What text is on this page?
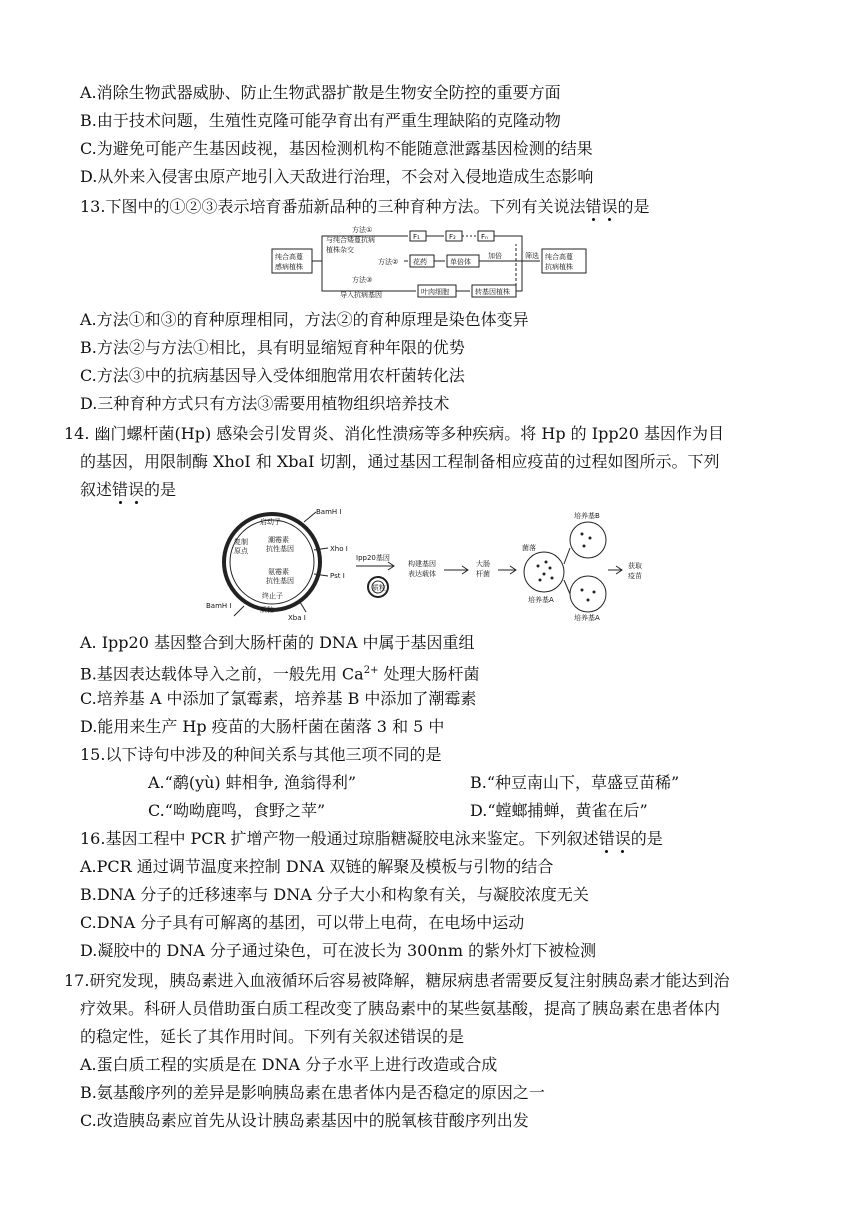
A.消除生物武器威胁、防止生物武器扩散是生物安全防控的重要方面
B.由于技术问题，生殖性克隆可能孕育出有严重生理缺陷的克隆动物
C.为避免可能产生基因歧视，基因检测机构不能随意泄露基因检测的结果
D.从外来入侵害虫原产地引入天敌进行治理，不会对入侵地造成生态影响
13.下图中的①②③表示培育番茄新品种的三种育种方法。下列有关说法错误的是
纯合高蔓
感病植株
方法①
与纯合矮蔓抗病
植株杂交
F₁	F₂	Fₙ
方法② 花药	单倍体
加倍
方法③
导入抗病基因	叶肉细胞	转基因植株
筛选 纯合高蔓
抗病植株
A.方法①和③的育种原理相同，方法②的育种原理是染色体变异
B.方法②与方法①相比，具有明显缩短育种年限的优势
C.方法③中的抗病基因导入受体细胞常用农杆菌转化法
D.三种育种方式只有方法③需要用植物组织培养技术
14. 幽门螺杆菌(Hp) 感染会引发胃炎、消化性溃疡等多种疾病。将 Hp 的 Ipp20 基因作为目
的基因，用限制酶 XhoI 和 XbaI 切割，通过基因工程制备相应疫苗的过程如图所示。下列
叙述错误的是
BamH I
启动子
复制
原点
潮霉素
抗性基因	Xho I
氨霉素
抗性基因
Pst I
终止子
BamH I	质粒
Xba I
Ipp20基因
质粒
构建基因
表达载体
大肠
杆菌
菌落
培养基B
培养基A
培养基A
获取
疫苗
A. Ipp20 基因整合到大肠杆菌的 DNA 中属于基因重组
B.基因表达载体导入之前，一般先用 $Ca^{2+}$ 处理大肠杆菌
C.培养基 A 中添加了氯霉素，培养基 B 中添加了潮霉素
D.能用来生产 Hp 疫苗的大肠杆菌在菌落 3 和 5 中
15.以下诗句中涉及的种间关系与其他三项不同的是
A.“鹬(yù) 蚌相争, 渔翁得利”	B.“种豆南山下，草盛豆苗稀”
C.“呦呦鹿鸣，食野之苹”	D.“螳螂捕蝉，黄雀在后”
16.基因工程中 PCR 扩增产物一般通过琼脂糖凝胶电泳来鉴定。下列叙述错误的是
A.PCR 通过调节温度来控制 DNA 双链的解聚及模板与引物的结合
B.DNA 分子的迁移速率与 DNA 分子大小和构象有关，与凝胶浓度无关
C.DNA 分子具有可解离的基团，可以带上电荷，在电场中运动
D.凝胶中的 DNA 分子通过染色，可在波长为 300nm 的紫外灯下被检测
17.研究发现，胰岛素进入血液循环后容易被降解，糖尿病患者需要反复注射胰岛素才能达到治
疗效果。科研人员借助蛋白质工程改变了胰岛素中的某些氨基酸，提高了胰岛素在患者体内
的稳定性，延长了其作用时间。下列有关叙述错误的是
A.蛋白质工程的实质是在 DNA 分子水平上进行改造或合成
B.氨基酸序列的差异是影响胰岛素在患者体内是否稳定的原因之一
C.改造胰岛素应首先从设计胰岛素基因中的脱氧核苷酸序列出发
